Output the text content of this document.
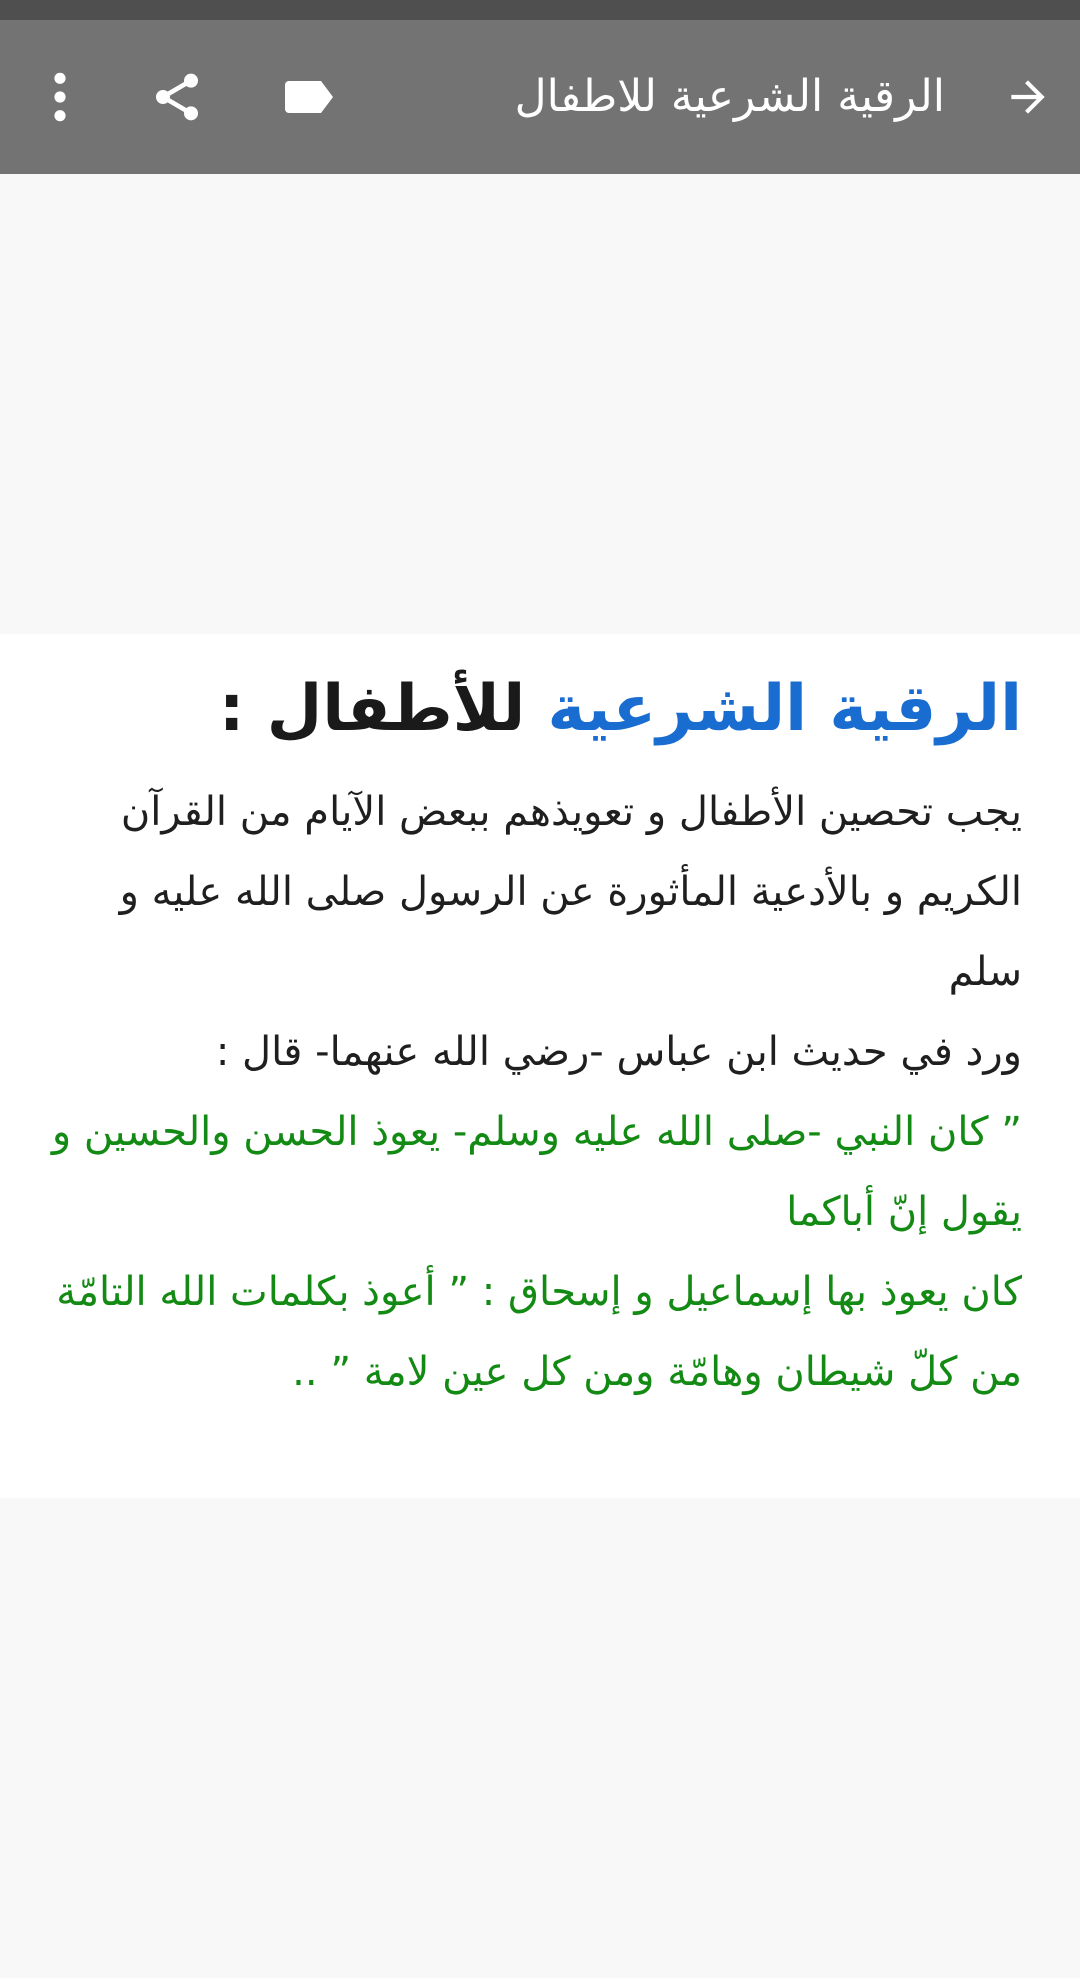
الرقية الشرعية للاطفال
الرقية الشرعية للأطفال :

يجب تحصين الأطفال و تعويذهم ببعض الآيام من القرآن الكريم و بالأدعية المأثورة عن الرسول صلى الله عليه و سلم

ورد في حديث ابن عباس -رضي الله عنهما- قال :

” كان النبي -صلى الله عليه وسلم- يعوذ الحسن والحسين و يقول إنّ أباكما

كان يعوذ بها إسماعيل و إسحاق : ” أعوذ بكلمات الله التامّة من كلّ شيطان وهامّة ومن كل عين لامة ” ..
